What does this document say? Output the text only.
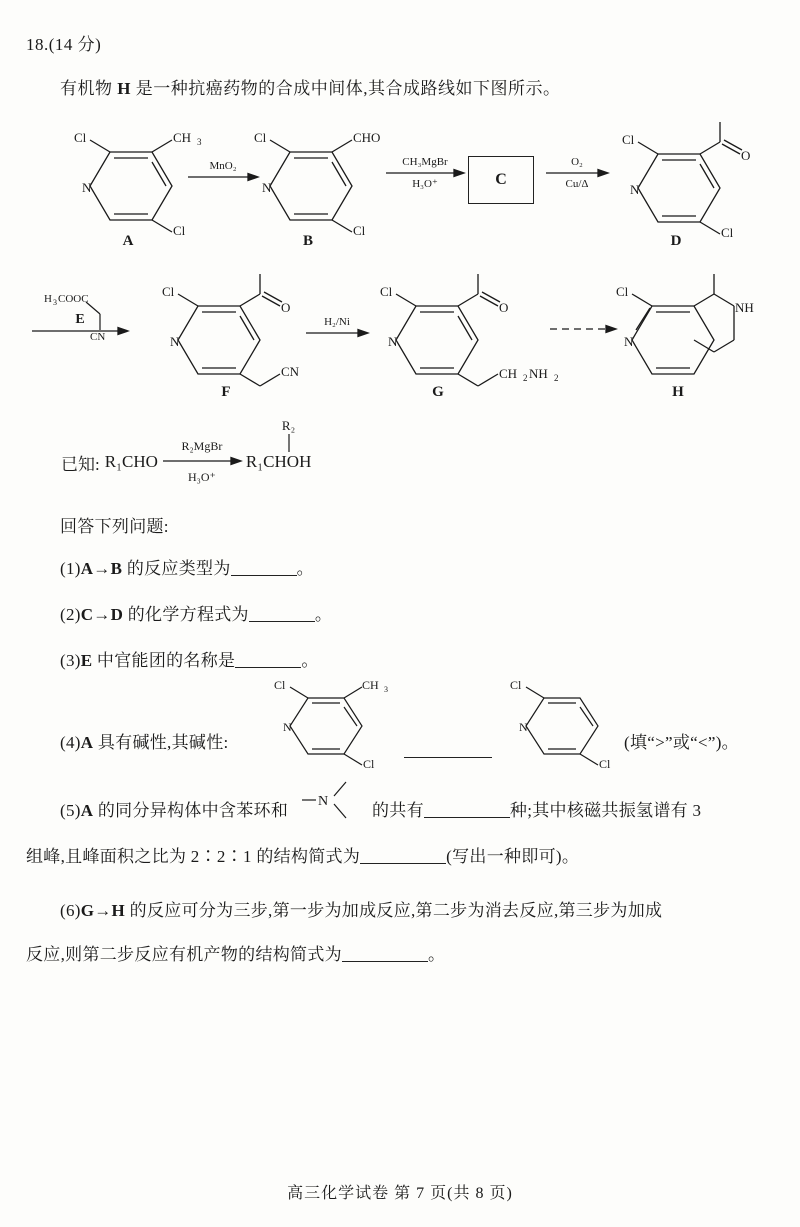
18.(14 分)
有机物 H 是一种抗癌药物的合成中间体,其合成路线如下图所示。
Cl	CH 3
N
Cl
A
MnO₂
Cl	CHO
N
Cl
B
CH₃MgBr
H₃O⁺	C
O₂
Cu/Δ
Cl
N
O
Cl
D
H 3 COOC
CN
E
Cl
N
O
CN
F
H₂/Ni
Cl
N
O
CH 2 NH 2
G
Cl
N
NH
H
已知:	R₁CHO	
R₂MgBr
H₃O⁺

R₂
R₁CHOH
回答下列问题:
(1)A→B 的反应类型为	。
(2)C→D 的化学方程式为	。
(3)E 中官能团的名称是	。
(4)A 具有碱性,其碱性:
Cl	CH 3
N
Cl
Cl
N
Cl
(填“>”或“<”)。
(5)A 的同分异构体中含苯环和 N	的共有	种;其中核磁共振氢谱有 3
组峰,且峰面积之比为 2∶2∶1 的结构简式为	(写出一种即可)。
(6)G→H 的反应可分为三步,第一步为加成反应,第二步为消去反应,第三步为加成
反应,则第二步反应有机产物的结构简式为	。
高三化学试卷 第 7 页(共 8 页)
